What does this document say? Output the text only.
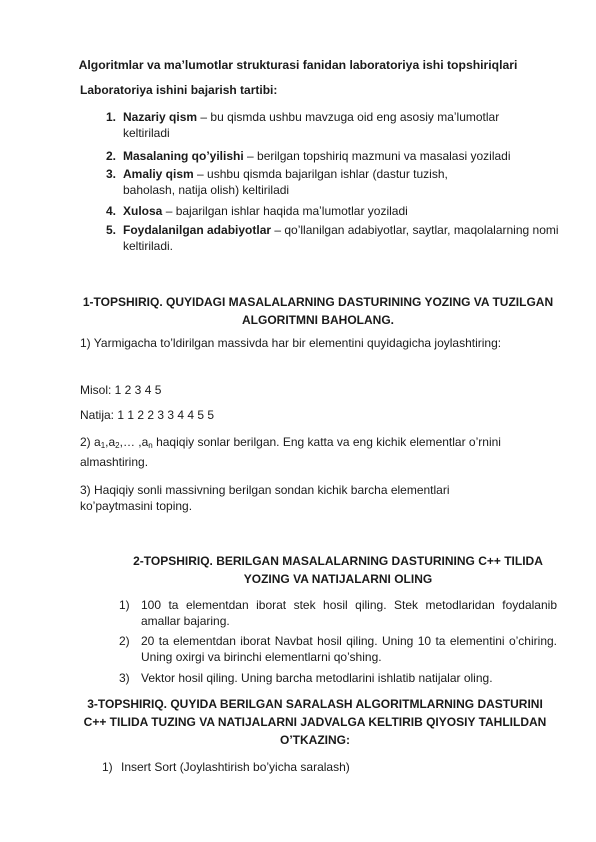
Algoritmlar va maʼlumotlar strukturasi fanidan laboratoriya ishi topshiriqlari
Laboratoriya ishini bajarish tartibi:
1. Nazariy qism – bu qismda ushbu mavzuga oid eng asosiy maʼlumotlar keltiriladi
2. Masalaning qo’yilishi – berilgan topshiriq mazmuni va masalasi yoziladi
3. Amaliy qism – ushbu qismda bajarilgan ishlar (dastur tuzish, baholash, natija olish) keltiriladi
4. Xulosa – bajarilgan ishlar haqida maʼlumotlar yoziladi
5. Foydalanilgan adabiyotlar – qo’llanilgan adabiyotlar, saytlar, maqolalarning nomi keltiriladi.
1-TOPSHIRIQ. QUYIDAGI MASALALARNING DASTURINING YOZING VA TUZILGAN ALGORITMNI BAHOLANG.
1) Yarmigacha to’ldirilgan massivda har bir elementini quyidagicha joylashtiring:
Misol: 1 2 3 4 5
Natija: 1 1 2 2 3 3 4 4 5 5
2) $a_1,a_2,\dots$ $,a_n$ haqiqiy sonlar berilgan. Eng katta va eng kichik elementlar o’rnini almashtiring.
3) Haqiqiy sonli massivning berilgan sondan kichik barcha elementlari ko’paytmasini toping.
2-TOPSHIRIQ. BERILGAN MASALALARNING DASTURINING C++ TILIDA YOZING VA NATIJALARNI OLING
1) 100 ta elementdan iborat stek hosil qiling. Stek metodlaridan foydalanib amallar bajaring.
2) 20 ta elementdan iborat Navbat hosil qiling. Uning 10 ta elementini o’chiring. Uning oxirgi va birinchi elementlarni qo’shing.
3) Vektor hosil qiling. Uning barcha metodlarini ishlatib natijalar oling.
3-TOPSHIRIQ. QUYIDA BERILGAN SARALASH ALGORITMLARNING DASTURINI C++ TILIDA TUZING VA NATIJALARNI JADVALGA KELTIRIB QIYOSIY TAHLILDAN O’TKAZING:
1) Insert Sort (Joylashtirish bo’yicha saralash)
